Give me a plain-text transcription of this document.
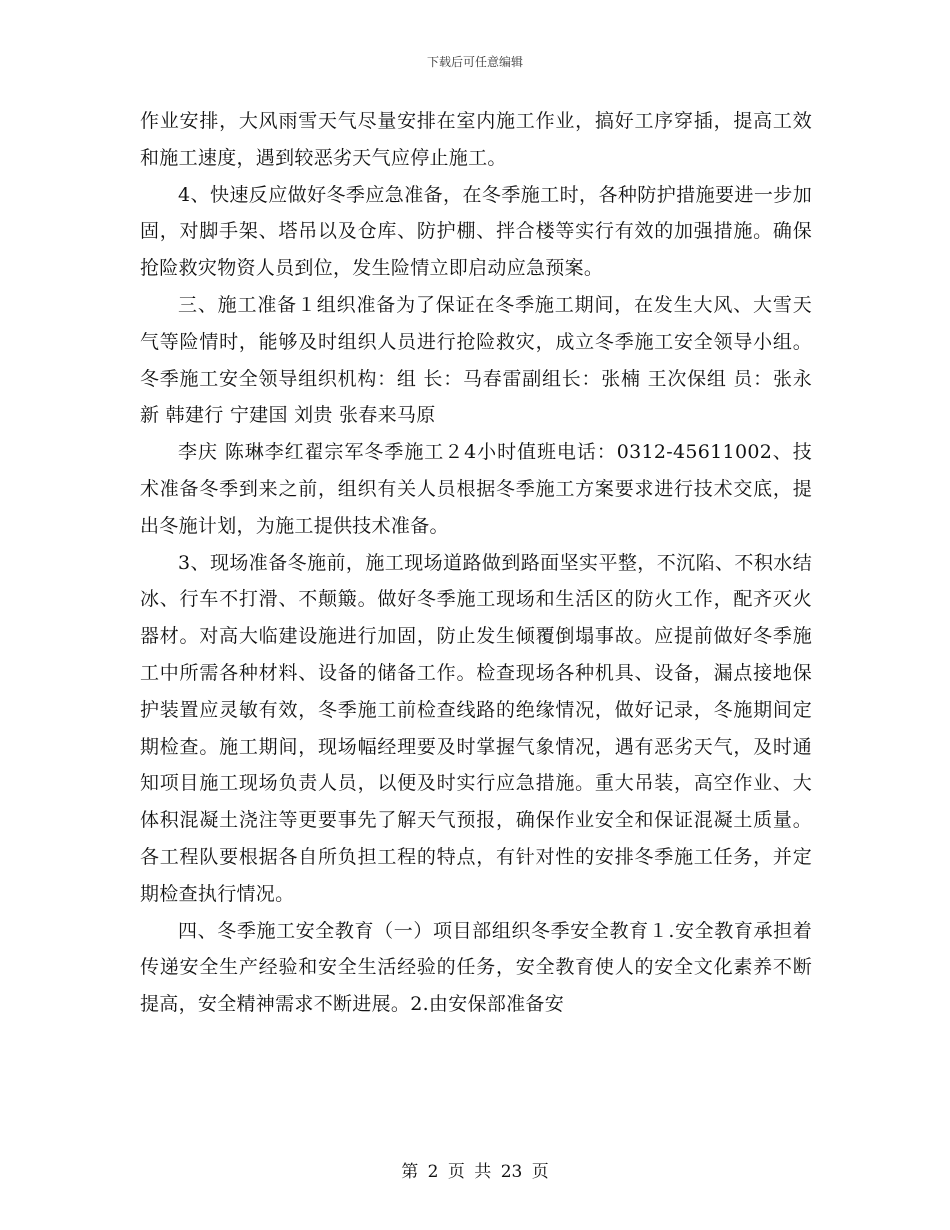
下载后可任意编辑

作业安排，大风雨雪天气尽量安排在室内施工作业，搞好工序穿插，提高工效和施工速度，遇到较恶劣天气应停止施工。

4、快速反应做好冬季应急准备，在冬季施工时，各种防护措施要进一步加固，对脚手架、塔吊以及仓库、防护棚、拌合楼等实行有效的加强措施。确保抢险救灾物资人员到位，发生险情立即启动应急预案。

三、施工准备１组织准备为了保证在冬季施工期间，在发生大风、大雪天气等险情时，能够及时组织人员进行抢险救灾，成立冬季施工安全领导小组。冬季施工安全领导组织机构：组 长：马春雷副组长：张楠 王次保组 员：张永新 韩建行 宁建国 刘贵 张春来马原

李庆 陈琳李红翟宗军冬季施工２4小时值班电话：0312-45611002、技术准备冬季到来之前，组织有关人员根据冬季施工方案要求进行技术交底，提出冬施计划，为施工提供技术准备。

3、现场准备冬施前，施工现场道路做到路面坚实平整，不沉陷、不积水结冰、行车不打滑、不颠簸。做好冬季施工现场和生活区的防火工作，配齐灭火器材。对高大临建设施进行加固，防止发生倾覆倒塌事故。应提前做好冬季施工中所需各种材料、设备的储备工作。检查现场各种机具、设备，漏点接地保护装置应灵敏有效，冬季施工前检查线路的绝缘情况，做好记录，冬施期间定期检查。施工期间，现场幅经理要及时掌握气象情况，遇有恶劣天气，及时通知项目施工现场负责人员，以便及时实行应急措施。重大吊装，高空作业、大体积混凝土浇注等更要事先了解天气预报，确保作业安全和保证混凝土质量。各工程队要根据各自所负担工程的特点，有针对性的安排冬季施工任务，并定期检查执行情况。

四、冬季施工安全教育（一）项目部组织冬季安全教育１.安全教育承担着传递安全生产经验和安全生活经验的任务，安全教育使人的安全文化素养不断提高，安全精神需求不断进展。2.由安保部准备安

第 2 页 共 23 页
